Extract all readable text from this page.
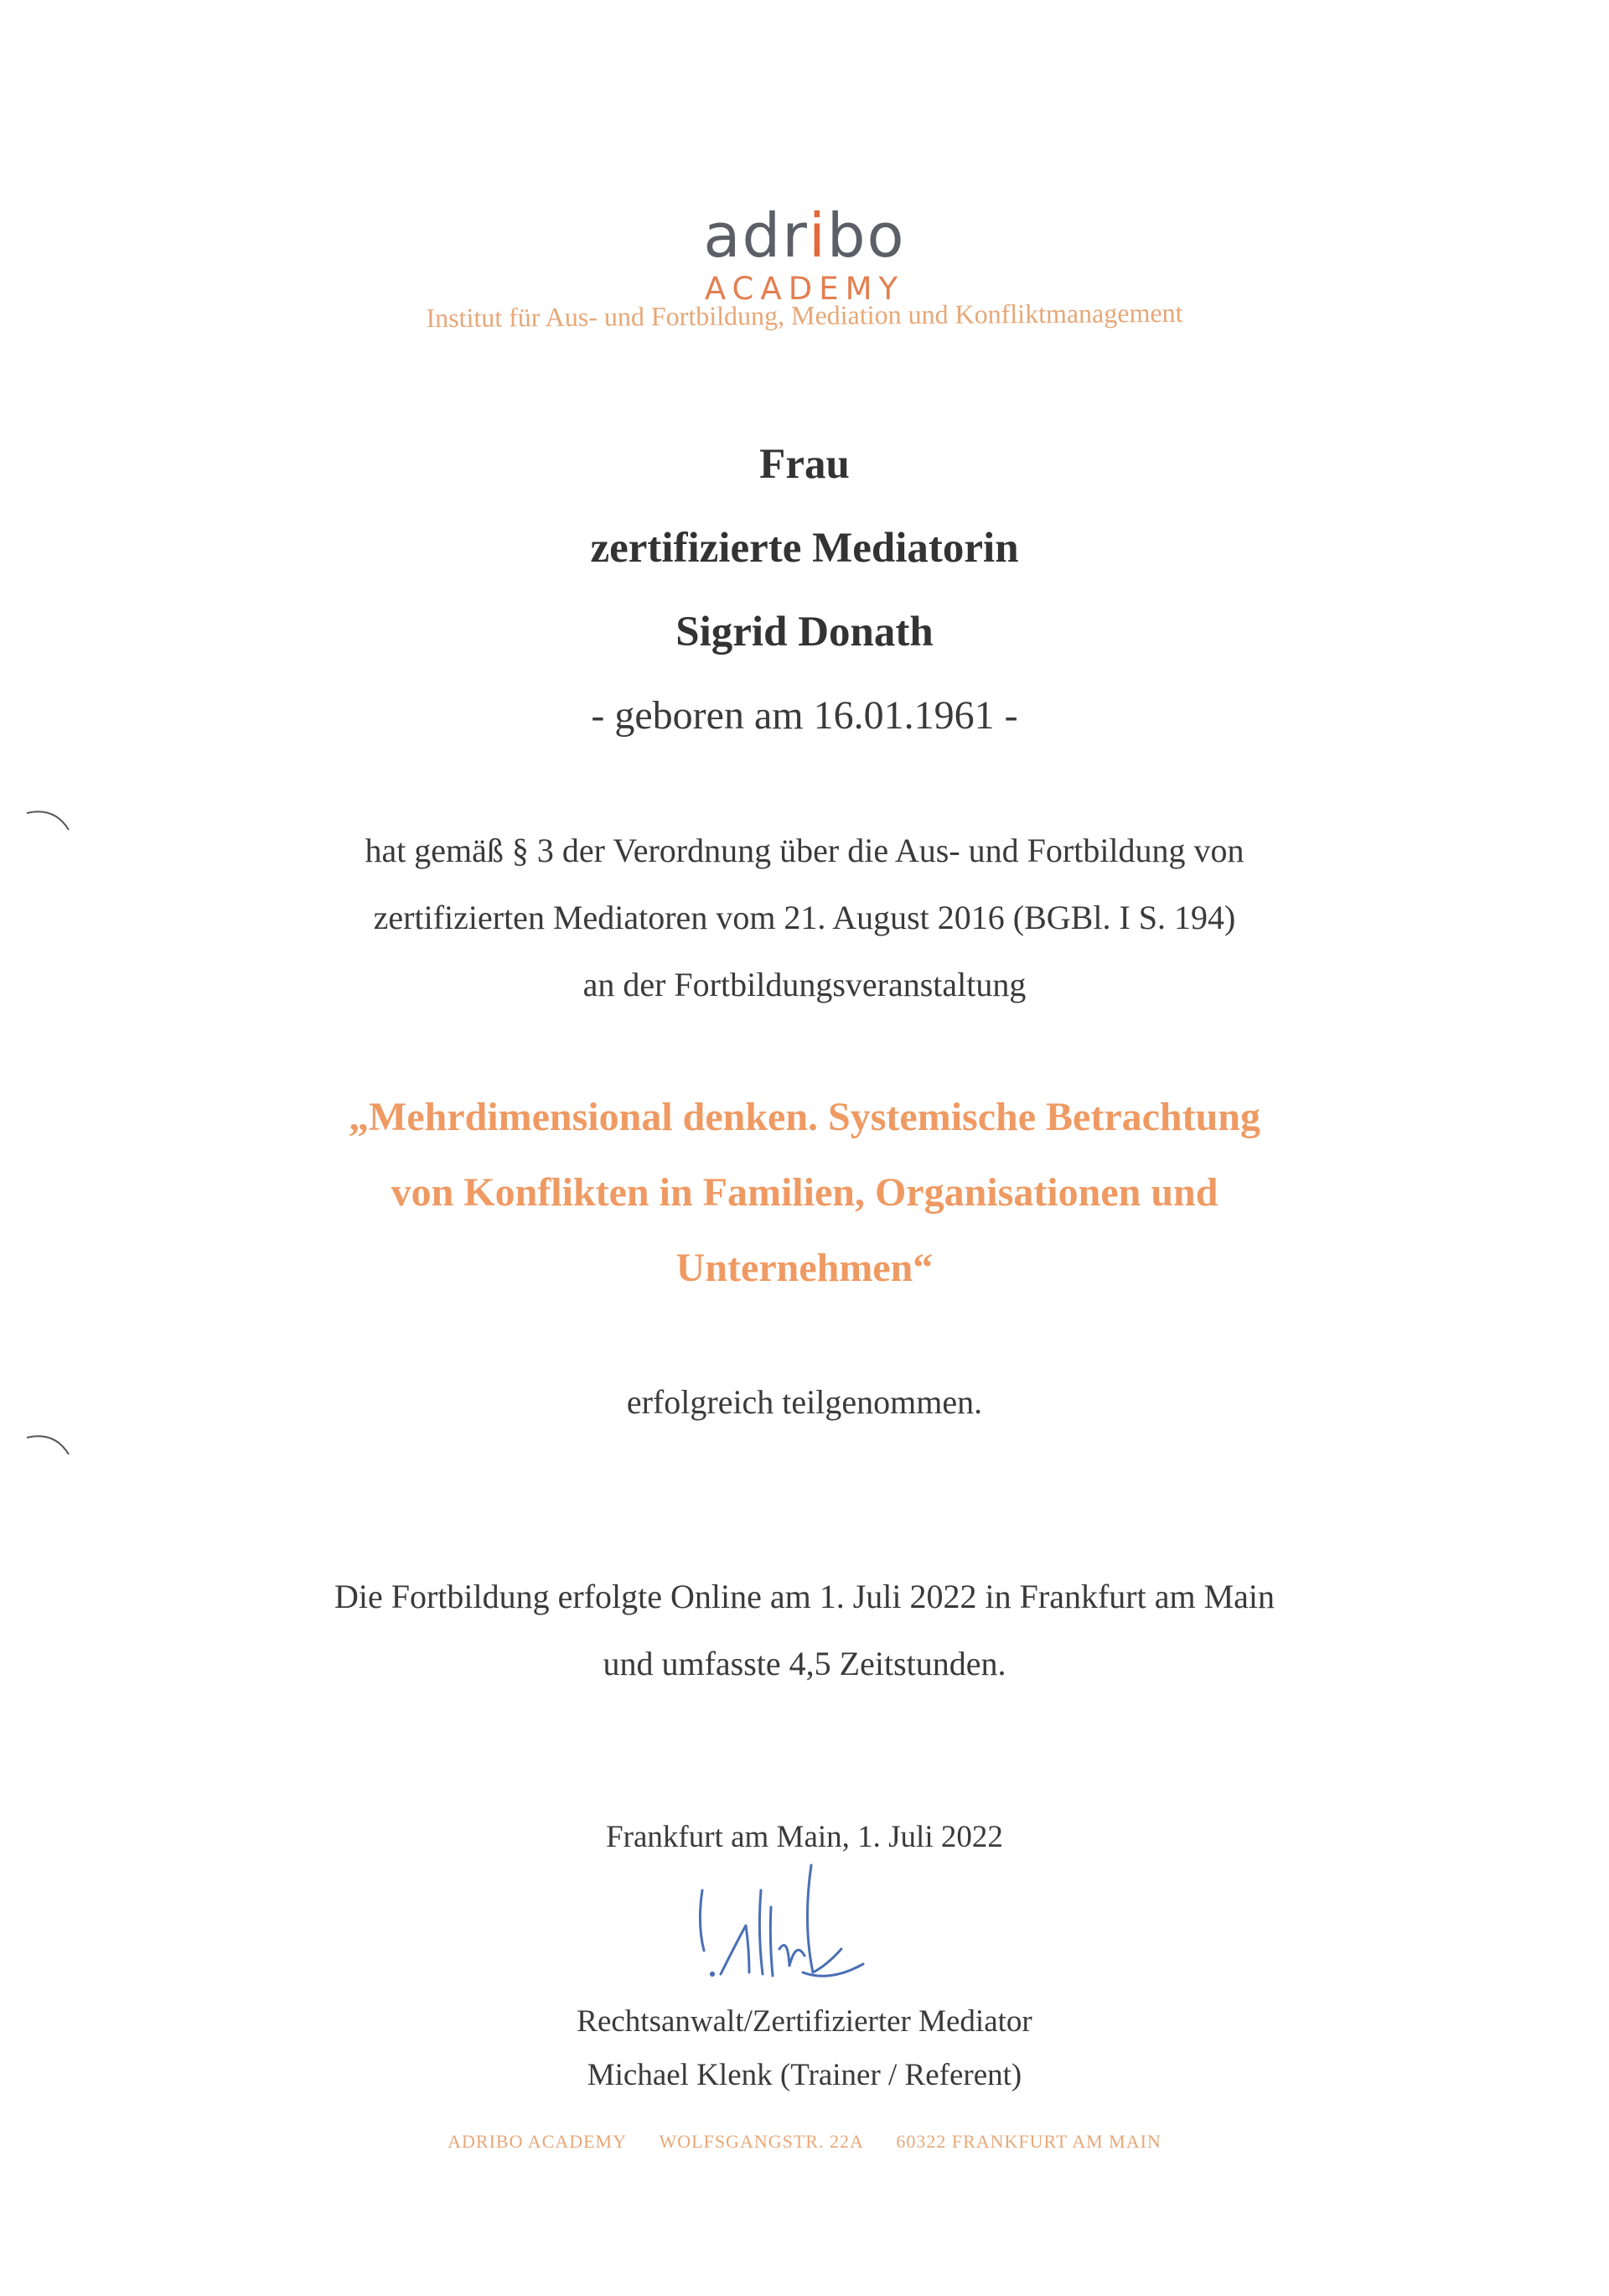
adribo
ACADEMY
Institut für Aus- und Fortbildung, Mediation und Konfliktmanagement
Frau
zertifizierte Mediatorin
Sigrid Donath
- geboren am 16.01.1961 -
hat gemäß § 3 der Verordnung über die Aus- und Fortbildung von
zertifizierten Mediatoren vom 21. August 2016 (BGBl. I S. 194)
an der Fortbildungsveranstaltung
„Mehrdimensional denken. Systemische Betrachtung
von Konflikten in Familien, Organisationen und
Unternehmen“
erfolgreich teilgenommen.
Die Fortbildung erfolgte Online am 1. Juli 2022 in Frankfurt am Main
und umfasste 4,5 Zeitstunden.
Frankfurt am Main, 1. Juli 2022
Rechtsanwalt/Zertifizierter Mediator
Michael Klenk (Trainer / Referent)
ADRIBO ACADEMY WOLFSGANGSTR. 22A 60322 FRANKFURT AM MAIN
